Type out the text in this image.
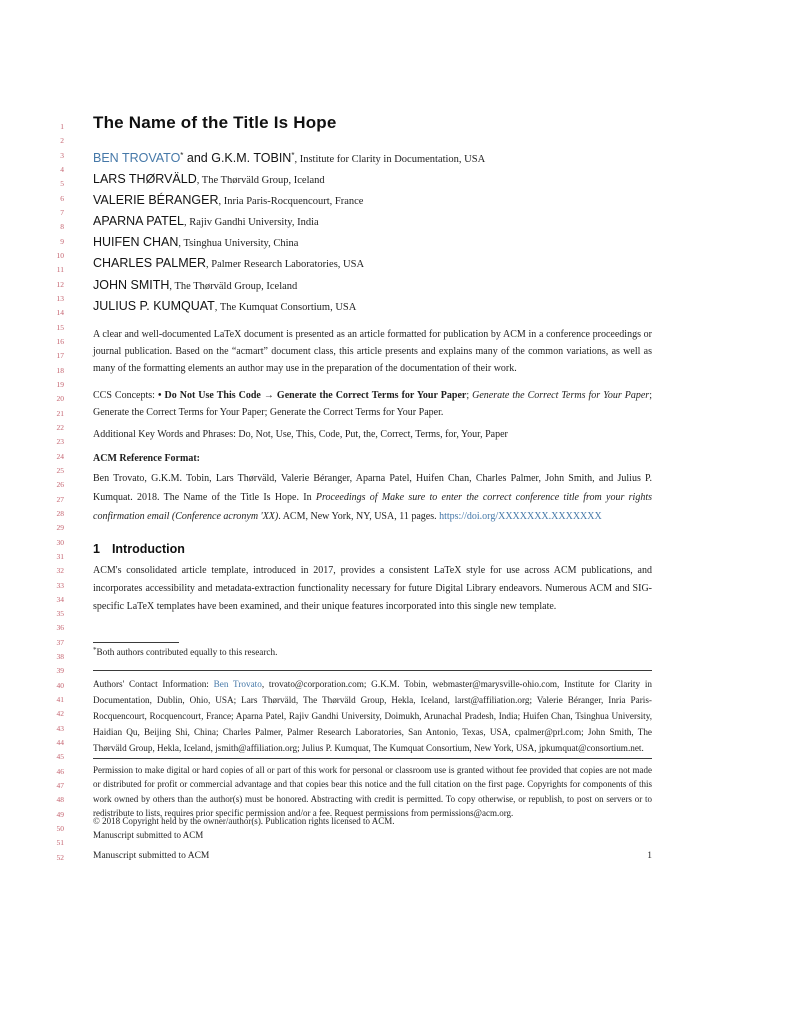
1
2
3
4
5
6
7
8
9
10
11
12
13
14
15
16
17
18
19
20
21
22
23
24
25
26
27
28
29
30
31
32
33
34
35
36
37
38
39
40
41
42
43
44
45
46
47
48
49
50
51
52
The Name of the Title Is Hope
BEN TROVATO* and G.K.M. TOBIN*, Institute for Clarity in Documentation, USA
LARS THØRVÄLD, The Thørväld Group, Iceland
VALERIE BÉRANGER, Inria Paris-Rocquencourt, France
APARNA PATEL, Rajiv Gandhi University, India
HUIFEN CHAN, Tsinghua University, China
CHARLES PALMER, Palmer Research Laboratories, USA
JOHN SMITH, The Thørväld Group, Iceland
JULIUS P. KUMQUAT, The Kumquat Consortium, USA
A clear and well-documented LaTeX document is presented as an article formatted for publication by ACM in a conference proceedings or journal publication. Based on the “acmart” document class, this article presents and explains many of the common variations, as well as many of the formatting elements an author may use in the preparation of the documentation of their work.
CCS Concepts: • Do Not Use This Code → Generate the Correct Terms for Your Paper; Generate the Correct Terms for Your Paper; Generate the Correct Terms for Your Paper; Generate the Correct Terms for Your Paper.
Additional Key Words and Phrases: Do, Not, Use, This, Code, Put, the, Correct, Terms, for, Your, Paper
ACM Reference Format:
Ben Trovato, G.K.M. Tobin, Lars Thørväld, Valerie Béranger, Aparna Patel, Huifen Chan, Charles Palmer, John Smith, and Julius P. Kumquat. 2018. The Name of the Title Is Hope. In Proceedings of Make sure to enter the correct conference title from your rights confirmation email (Conference acronym 'XX). ACM, New York, NY, USA, 11 pages. https://doi.org/XXXXXXX.XXXXXXX
1 Introduction
ACM's consolidated article template, introduced in 2017, provides a consistent LaTeX style for use across ACM publications, and incorporates accessibility and metadata-extraction functionality necessary for future Digital Library endeavors. Numerous ACM and SIG-specific LaTeX templates have been examined, and their unique features incorporated into this single new template.
*Both authors contributed equally to this research.
Authors' Contact Information: Ben Trovato, trovato@corporation.com; G.K.M. Tobin, webmaster@marysville-ohio.com, Institute for Clarity in Documentation, Dublin, Ohio, USA; Lars Thørväld, The Thørväld Group, Hekla, Iceland, larst@affiliation.org; Valerie Béranger, Inria Paris-Rocquencourt, Rocquencourt, France; Aparna Patel, Rajiv Gandhi University, Doimukh, Arunachal Pradesh, India; Huifen Chan, Tsinghua University, Haidian Qu, Beijing Shi, China; Charles Palmer, Palmer Research Laboratories, San Antonio, Texas, USA, cpalmer@prl.com; John Smith, The Thørväld Group, Hekla, Iceland, jsmith@affiliation.org; Julius P. Kumquat, The Kumquat Consortium, New York, USA, jpkumquat@consortium.net.
Permission to make digital or hard copies of all or part of this work for personal or classroom use is granted without fee provided that copies are not made or distributed for profit or commercial advantage and that copies bear this notice and the full citation on the first page. Copyrights for components of this work owned by others than the author(s) must be honored. Abstracting with credit is permitted. To copy otherwise, or republish, to post on servers or to redistribute to lists, requires prior specific permission and/or a fee. Request permissions from permissions@acm.org.
© 2018 Copyright held by the owner/author(s). Publication rights licensed to ACM.
Manuscript submitted to ACM
Manuscript submitted to ACM	1
